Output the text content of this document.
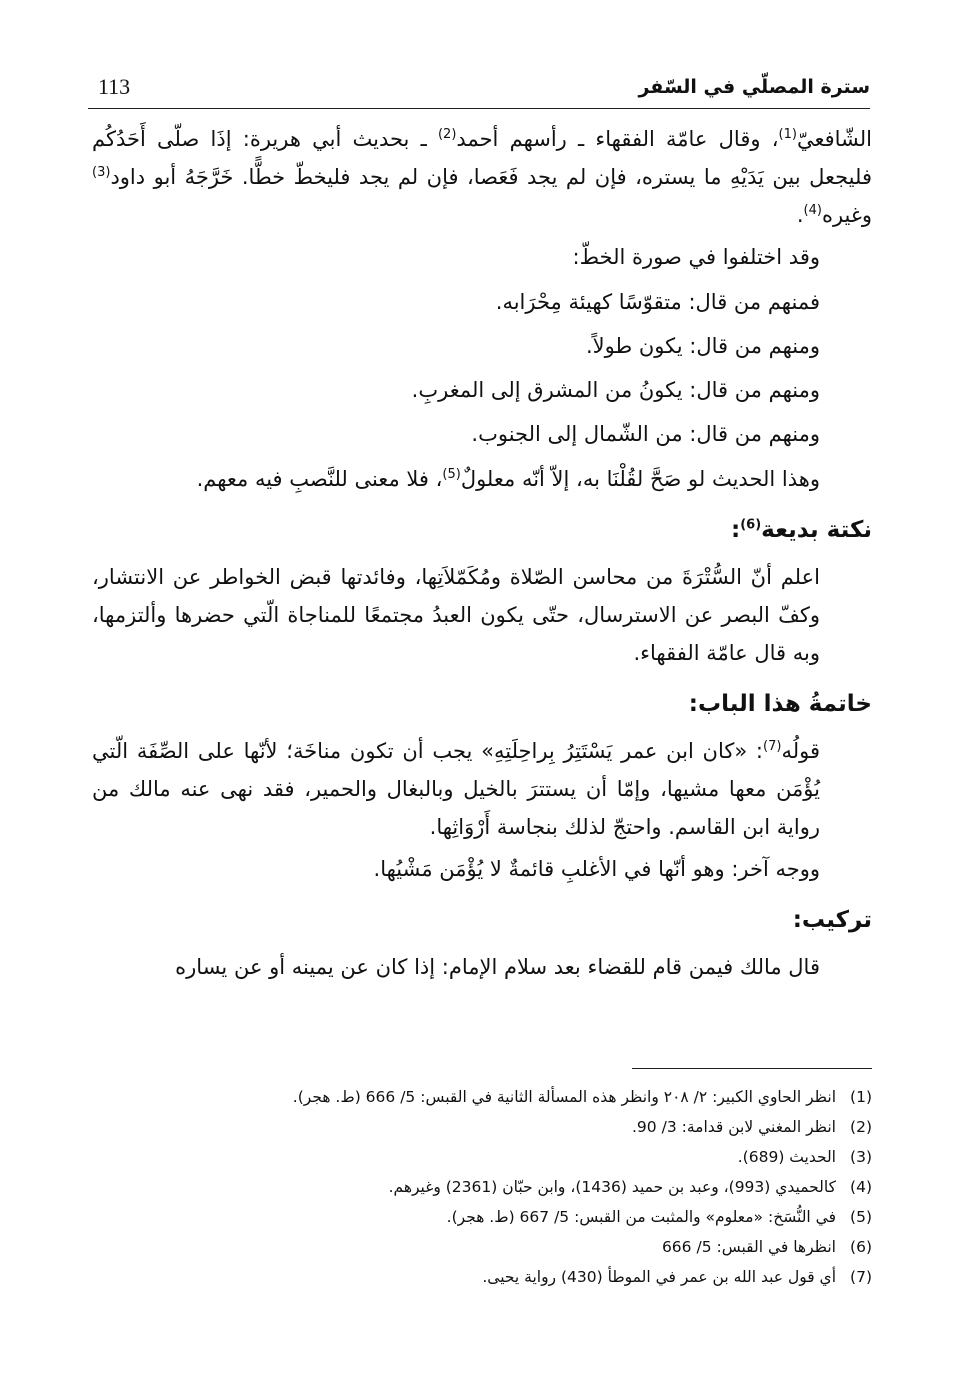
113	سترة المصلّي في السّفر

الشّافعيّ$^{(1)}$، وقال عامّة الفقهاء ـ رأسهم أحمد$^{(2)}$ ـ بحديث أبي هريرة: إذَا صلّى أَحَدُكُم فليجعل بين يَدَيْهِ ما يستره، فإن لم يجد فَعَصا، فإن لم يجد فليخطّ خطًّا. خَرَّجَهُ أبو داود$^{(3)}$ وغيره$^{(4)}$.

وقد اختلفوا في صورة الخطّ:

فمنهم من قال: متقوّسًا كهيئة مِحْرَابه.
ومنهم من قال: يكون طولاً.
ومنهم من قال: يكونُ من المشرق إلى المغربِ.
ومنهم من قال: من الشّمال إلى الجنوب.

وهذا الحديث لو صَحَّ لقُلْنَا به، إلاّ أنّه معلولٌ$^{(5)}$، فلا معنى للنَّصبِ فيه معهم.

نكتة بديعة$^{(6)}$:

اعلم أنّ السُّتْرَةَ من محاسن الصّلاة ومُكَمّلاَتِها، وفائدتها قبض الخواطر عن الانتشار، وكفّ البصر عن الاسترسال، حتّى يكون العبدُ مجتمعًا للمناجاة الّتي حضرها وألتزمها، وبه قال عامّة الفقهاء.

خاتمةُ هذا الباب:

قولُه$^{(7)}$: «كان ابن عمر يَسْتَتِرُ بِراحِلَتِهِ» يجب أن تكون مناخَة؛ لأنّها على الصِّفَة الّتي يُؤْمَن معها مشيها، وإمّا أن يستترَ بالخيل وبالبغال والحمير، فقد نهى عنه مالك من رواية ابن القاسم. واحتجّ لذلك بنجاسة أَرْوَاثِها.

ووجه آخر: وهو أنّها في الأغلبِ قائمةٌ لا يُؤْمَن مَشْيُها.

تركيب:

قال مالك فيمن قام للقضاء بعد سلام الإمام: إذا كان عن يمينه أو عن يساره

(1)انظر الحاوي الكبير: ٢/ ٢٠٨ وانظر هذه المسألة الثانية في القبس: 5/ 666 (ط. هجر).
(2)انظر المغني لابن قدامة: 3/ 90.
(3)الحديث (689).
(4)كالحميدي (993)، وعبد بن حميد (1436)، وابن حبّان (2361) وغيرهم.
(5)في النُّسَخ: «معلوم» والمثبت من القبس: 5/ 667 (ط. هجر).
(6)انظرها في القبس: 5/ 666
(7)أي قول عبد الله بن عمر في الموطأ (430) رواية يحيى.
